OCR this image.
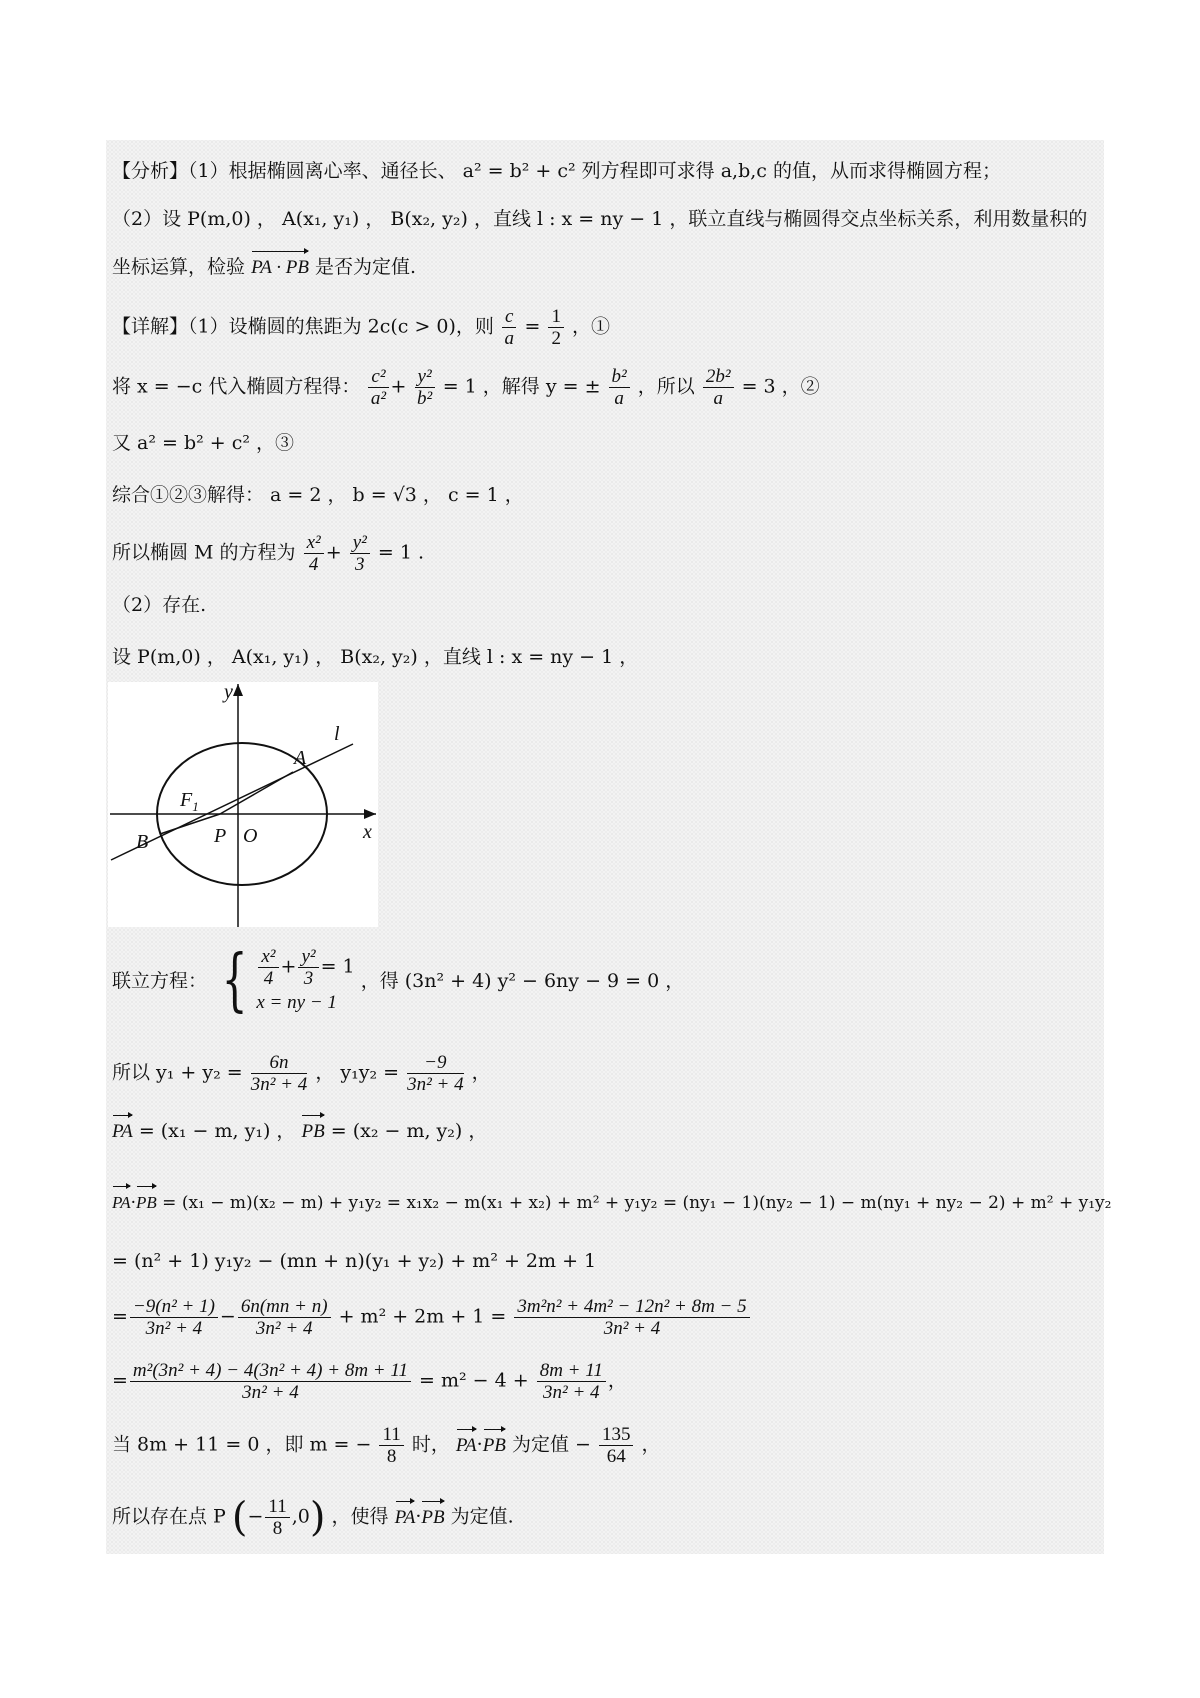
【分析】（1）根据椭圆离心率、通径长、 a² = b² + c² 列方程即可求得 a,b,c 的值，从而求得椭圆方程；
（2）设 P(m,0) ， A(x₁, y₁) ， B(x₂, y₂) ，直线 l : x = ny − 1 ，联立直线与椭圆得交点坐标关系，利用数量积的
坐标运算，检验 PA · PB 是否为定值.
【详解】（1）设椭圆的焦距为 2c(c > 0)，则 $\frac{c}{a} = \frac{1}{2}$ ，①
将 x = −c 代入椭圆方程得： $\frac{\text{c²}}{\text{a²}} + \frac{\text{y²}}{\text{b²}} = 1$ ，解得 y = ± $\frac{\text{b²}}{a}$ ，所以 $\frac{\text{2b²}}{a} = 3$ ，②
又 a² = b² + c² ，③
综合①②③解得： a = 2 ， b = √3 ， c = 1 ，
所以椭圆 M 的方程为 $\frac{\text{x²}}{4} + \frac{\text{y²}}{3} = 1$ .
（2）存在.
设 P(m,0) ， A(x₁, y₁) ， B(x₂, y₂) ，直线 l : x = ny − 1 ，
y
x
l
A
B
$F_1$
P O
联立方程： { $\frac{\text{x²}}{4} + \frac{\text{y²}}{3} = 1$
x = ny − 1
，得 (3n² + 4) y² − 6ny − 9 = 0 ，
所以 $y_1 + y_2 = \frac{6n}{\text{3n² + 4}}$ ， $y_1y_2 = \frac{-9}{\text{3n² + 4}}$ ，
PA = (x₁ − m, y₁) ， PB = (x₂ − m, y₂) ，
PA·PB = (x₁ − m)(x₂ − m) + y₁y₂ = x₁x₂ − m(x₁ + x₂) + m² + y₁y₂ = (ny₁ − 1)(ny₂ − 1) − m(ny₁ + ny₂ − 2) + m² + y₁y₂
= (n² + 1) y₁y₂ − (mn + n)(y₁ + y₂) + m² + 2m + 1
= $\frac{\text{−9(n² + 1)}}{\text{3n² + 4}} - \frac{6n(mn + n)}{\text{3n² + 4}} + m^2 + 2m + 1 = \frac{\text{3m²n² + 4m² − 12n² + 8m − 5}}{\text{3n² + 4}}$
= $\frac{\text{m²(3n² + 4) − 4(3n² + 4) + 8m + 11}}{\text{3n² + 4}} = m^2 - 4 + \frac{8m + 11}{\text{3n² + 4}}$ ，
当 8m + 11 = 0 ，即 m = − $\frac{11}{8}$ 时， PA·PB 为定值 − $\frac{135}{64}$ ，
所以存在点 P (− $\frac{11}{8} ,0$) ，使得 PA·PB 为定值.
